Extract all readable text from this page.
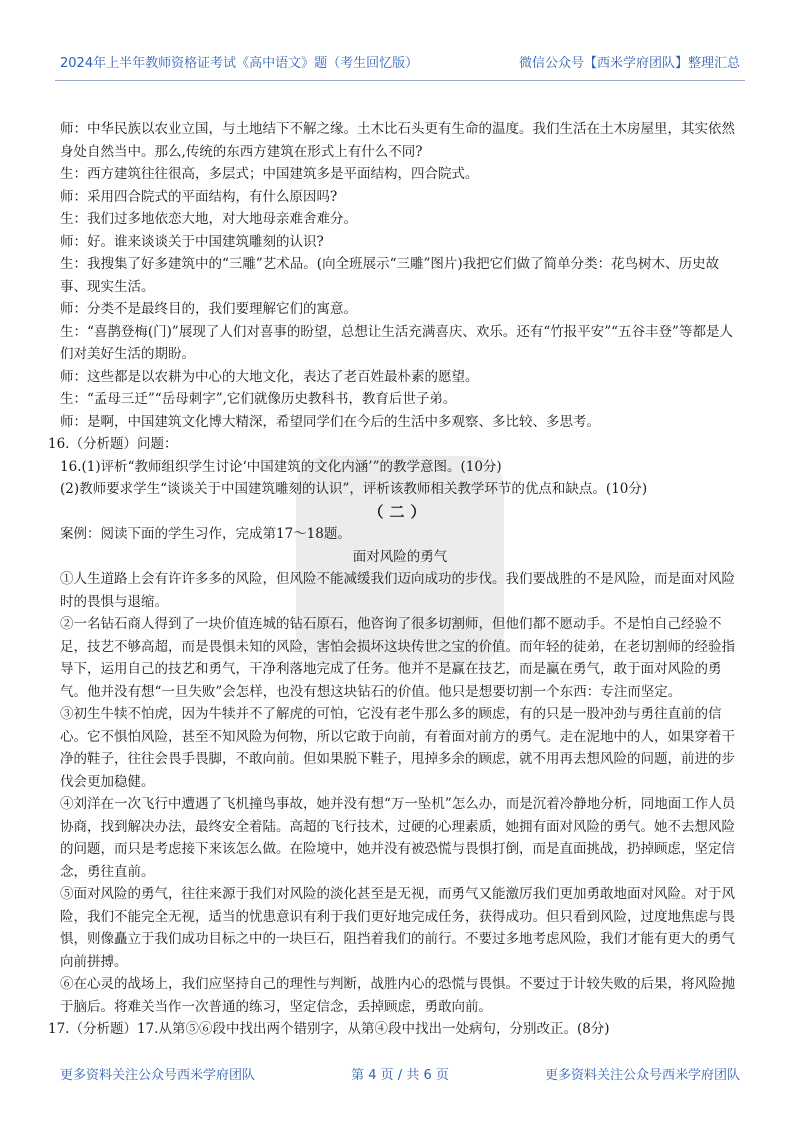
2024年上半年教师资格证考试《高中语文》题（考生回忆版）	微信公众号【西米学府团队】整理汇总

师：中华民族以农业立国，与土地结下不解之缘。土木比石头更有生命的温度。我们生活在土木房屋里，其实依然身处自然当中。那么,传统的东西方建筑在形式上有什么不同?

生：西方建筑往往很高，多层式；中国建筑多是平面结构，四合院式。

师：采用四合院式的平面结构，有什么原因吗?

生：我们过多地依恋大地，对大地母亲难舍难分。

师：好。谁来谈谈关于中国建筑雕刻的认识?

生：我搜集了好多建筑中的“三雕”艺术品。(向全班展示“三雕”图片)我把它们做了简单分类：花鸟树木、历史故事、现实生活。

师：分类不是最终目的，我们要理解它们的寓意。

生：“喜鹊登梅(门)”展现了人们对喜事的盼望，总想让生活充满喜庆、欢乐。还有“竹报平安”“五谷丰登”等都是人们对美好生活的期盼。

师：这些都是以农耕为中心的大地文化，表达了老百姓最朴素的愿望。

生：“孟母三迁”“岳母刺字”,它们就像历史教科书，教育后世子弟。

师：是啊，中国建筑文化博大精深，希望同学们在今后的生活中多观察、多比较、多思考。

16.（分析题）问题：

16.(1)评析“教师组织学生讨论‘中国建筑的文化内涵’”的教学意图。(10分)

(2)教师要求学生“谈谈关于中国建筑雕刻的认识”，评析该教师相关教学环节的优点和缺点。(10分)

（二）

案例：阅读下面的学生习作，完成第17～18题。

面对风险的勇气

①人生道路上会有许许多多的风险，但风险不能减缓我们迈向成功的步伐。我们要战胜的不是风险，而是面对风险时的畏惧与退缩。

②一名钻石商人得到了一块价值连城的钻石原石，他咨询了很多切割师，但他们都不愿动手。不是怕自己经验不足，技艺不够高超，而是畏惧未知的风险，害怕会损坏这块传世之宝的价值。而年轻的徒弟，在老切割师的经验指导下，运用自己的技艺和勇气，干净利落地完成了任务。他并不是赢在技艺，而是赢在勇气，敢于面对风险的勇气。他并没有想“一旦失败”会怎样，也没有想这块钻石的价值。他只是想要切割一个东西：专注而坚定。

③初生牛犊不怕虎，因为牛犊并不了解虎的可怕，它没有老牛那么多的顾虑，有的只是一股冲劲与勇往直前的信心。它不惧怕风险，甚至不知风险为何物，所以它敢于向前，有着面对前方的勇气。走在泥地中的人，如果穿着干净的鞋子，往往会畏手畏脚，不敢向前。但如果脱下鞋子，甩掉多余的顾虑，就不用再去想风险的问题，前进的步伐会更加稳健。

④刘洋在一次飞行中遭遇了飞机撞鸟事故，她并没有想“万一坠机”怎么办，而是沉着冷静地分析，同地面工作人员协商，找到解决办法，最终安全着陆。高超的飞行技术，过硬的心理素质，她拥有面对风险的勇气。她不去想风险的问题，而只是考虑接下来该怎么做。在险境中，她并没有被恐慌与畏惧打倒，而是直面挑战，扔掉顾虑，坚定信念，勇往直前。

⑤面对风险的勇气，往往来源于我们对风险的淡化甚至是无视，而勇气又能激厉我们更加勇敢地面对风险。对于风险，我们不能完全无视，适当的忧患意识有利于我们更好地完成任务，获得成功。但只看到风险，过度地焦虑与畏惧，则像矗立于我们成功目标之中的一块巨石，阻挡着我们的前行。不要过多地考虑风险，我们才能有更大的勇气向前拼搏。

⑥在心灵的战场上，我们应坚持自己的理性与判断，战胜内心的恐慌与畏惧。不要过于计较失败的后果，将风险抛于脑后。将难关当作一次普通的练习，坚定信念，丢掉顾虑，勇敢向前。

17.（分析题）17.从第⑤⑥段中找出两个错别字，从第④段中找出一处病句，分别改正。(8分)

更多资料关注公众号西米学府团队	第 4 页 / 共 6 页	更多资料关注公众号西米学府团队
